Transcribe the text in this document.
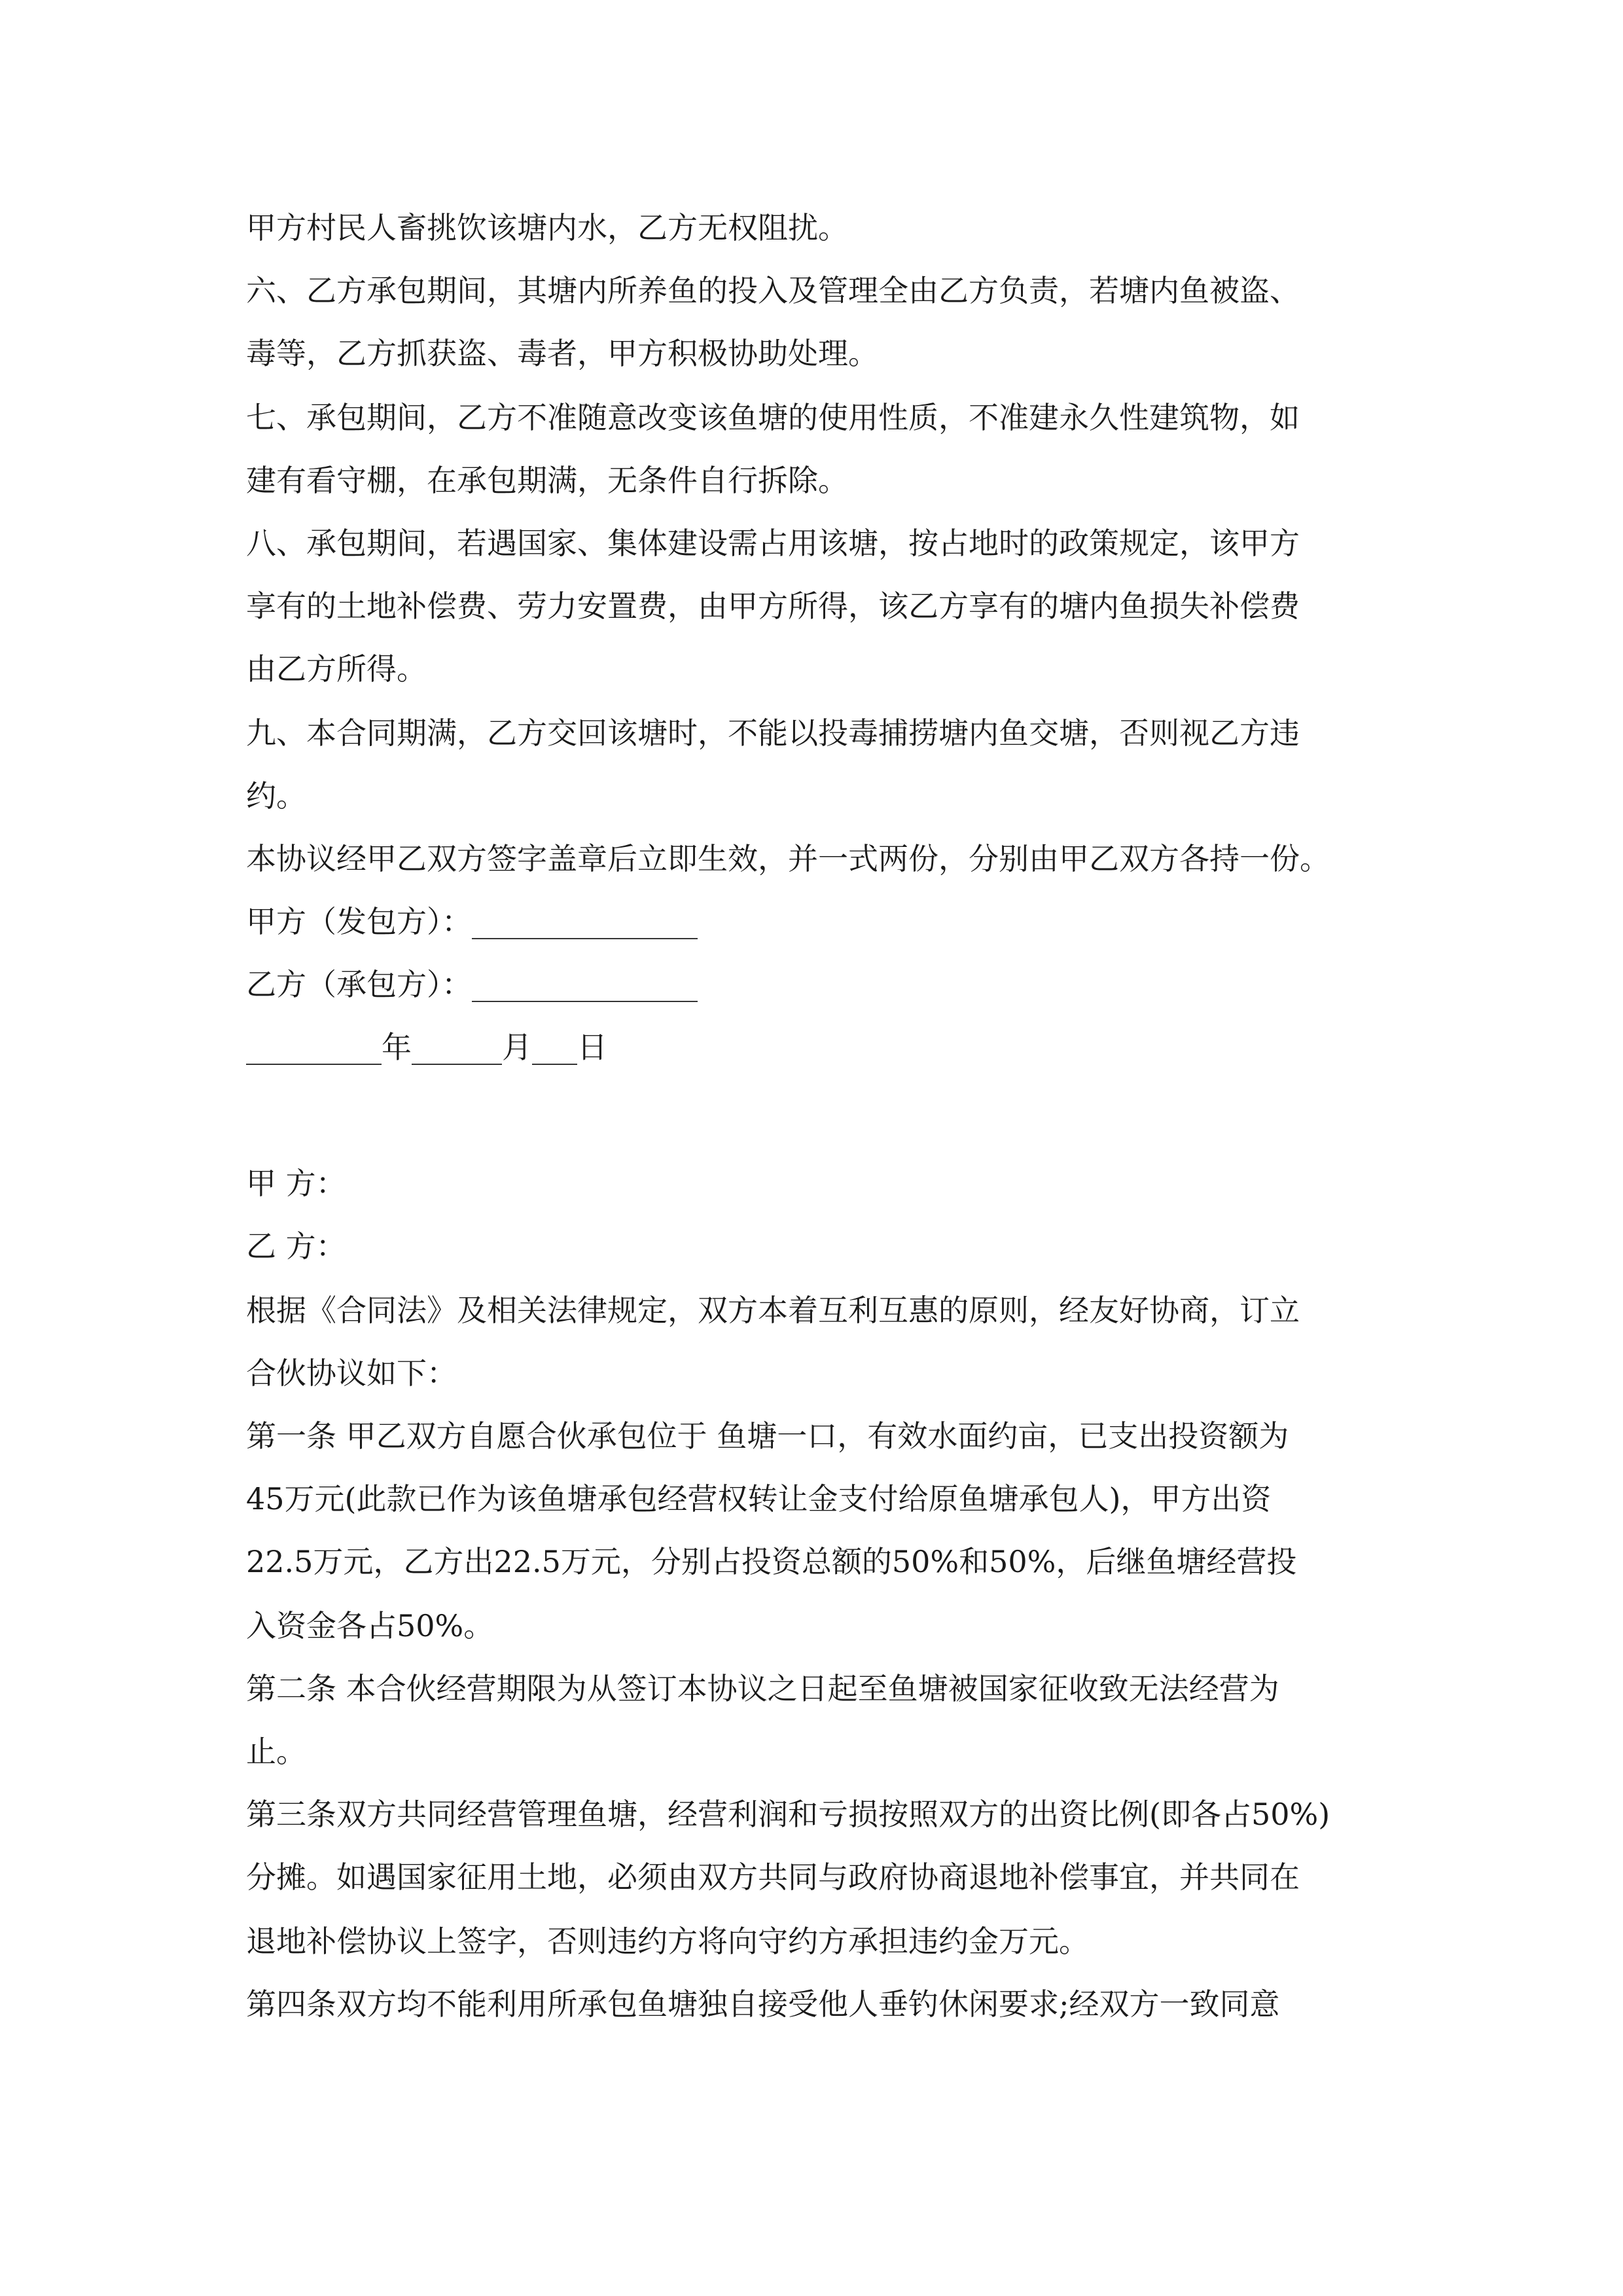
甲方村民人畜挑饮该塘内水，乙方无权阻扰。
六、乙方承包期间，其塘内所养鱼的投入及管理全由乙方负责，若塘内鱼被盗、
毒等，乙方抓获盗、毒者，甲方积极协助处理。
七、承包期间，乙方不准随意改变该鱼塘的使用性质，不准建永久性建筑物，如
建有看守棚，在承包期满，无条件自行拆除。
八、承包期间，若遇国家、集体建设需占用该塘，按占地时的政策规定，该甲方
享有的土地补偿费、劳力安置费，由甲方所得，该乙方享有的塘内鱼损失补偿费
由乙方所得。
九、本合同期满，乙方交回该塘时，不能以投毒捕捞塘内鱼交塘，否则视乙方违
约。
本协议经甲乙双方签字盖章后立即生效，并一式两份，分别由甲乙双方各持一份。
甲方（发包方）：_______________
乙方（承包方）：_______________
_________年______月___日
甲 方：
乙 方：
根据《合同法》及相关法律规定，双方本着互利互惠的原则，经友好协商，订立
合伙协议如下：
第一条 甲乙双方自愿合伙承包位于 鱼塘一口，有效水面约亩，已支出投资额为
45万元(此款已作为该鱼塘承包经营权转让金支付给原鱼塘承包人)，甲方出资
22.5万元，乙方出22.5万元，分别占投资总额的50%和50%，后继鱼塘经营投
入资金各占50%。
第二条 本合伙经营期限为从签订本协议之日起至鱼塘被国家征收致无法经营为
止。
第三条双方共同经营管理鱼塘，经营利润和亏损按照双方的出资比例(即各占50%)
分摊。如遇国家征用土地，必须由双方共同与政府协商退地补偿事宜，并共同在
退地补偿协议上签字，否则违约方将向守约方承担违约金万元。
第四条双方均不能利用所承包鱼塘独自接受他人垂钓休闲要求;经双方一致同意
